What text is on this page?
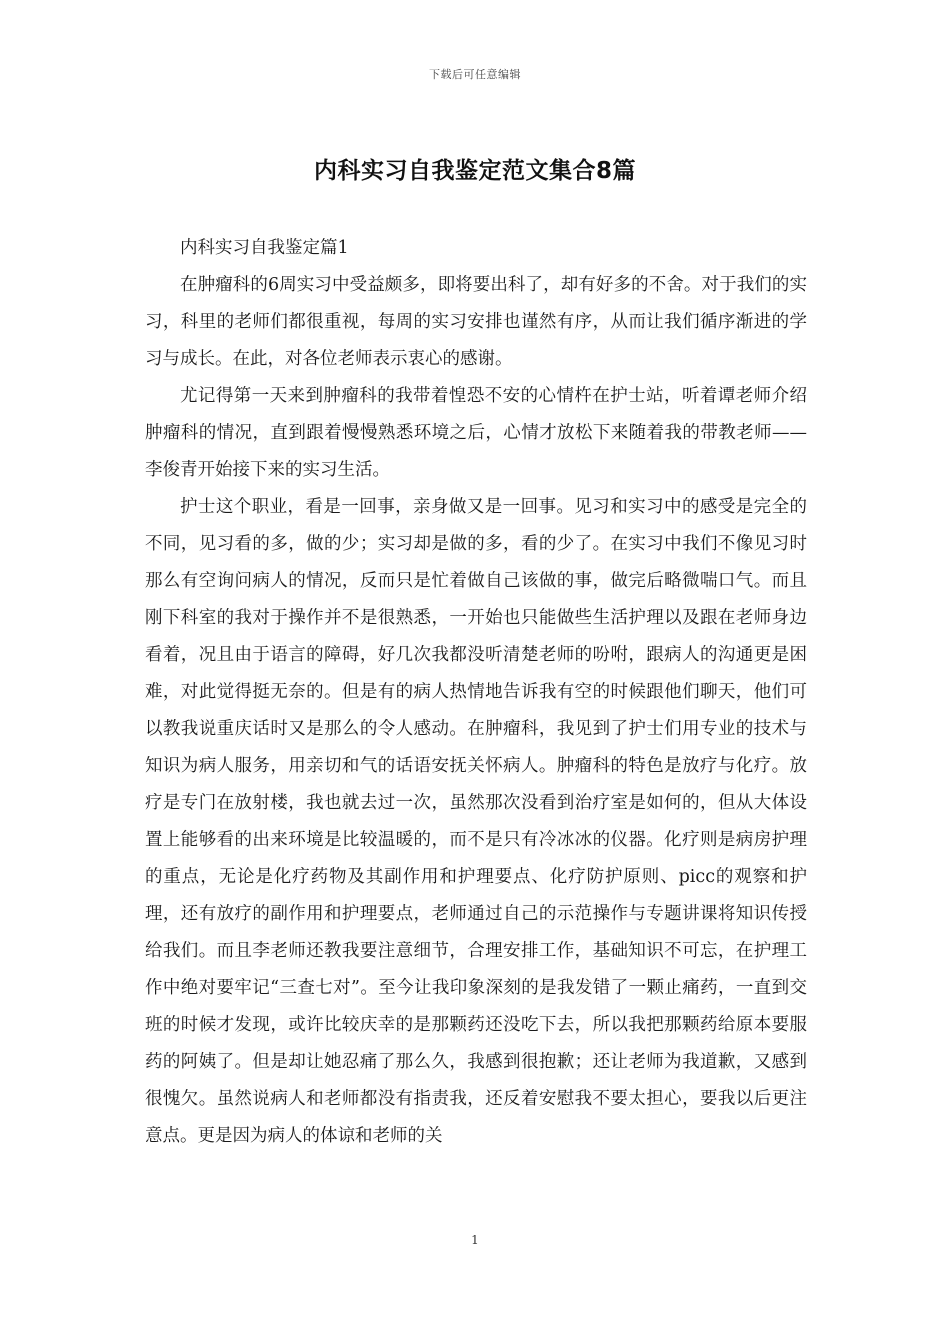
下载后可任意编辑
内科实习自我鉴定范文集合8篇

内科实习自我鉴定篇1

在肿瘤科的6周实习中受益颇多，即将要出科了，却有好多的不舍。对于我们的实习，科里的老师们都很重视，每周的实习安排也谨然有序，从而让我们循序渐进的学习与成长。在此，对各位老师表示衷心的感谢。

尤记得第一天来到肿瘤科的我带着惶恐不安的心情杵在护士站，听着谭老师介绍肿瘤科的情况，直到跟着慢慢熟悉环境之后，心情才放松下来随着我的带教老师——李俊青开始接下来的实习生活。

护士这个职业，看是一回事，亲身做又是一回事。见习和实习中的感受是完全的不同，见习看的多，做的少；实习却是做的多，看的少了。在实习中我们不像见习时那么有空询问病人的情况，反而只是忙着做自己该做的事，做完后略微喘口气。而且刚下科室的我对于操作并不是很熟悉，一开始也只能做些生活护理以及跟在老师身边看着，况且由于语言的障碍，好几次我都没听清楚老师的吩咐，跟病人的沟通更是困难，对此觉得挺无奈的。但是有的病人热情地告诉我有空的时候跟他们聊天，他们可以教我说重庆话时又是那么的令人感动。在肿瘤科，我见到了护士们用专业的技术与知识为病人服务，用亲切和气的话语安抚关怀病人。肿瘤科的特色是放疗与化疗。放疗是专门在放射楼，我也就去过一次，虽然那次没看到治疗室是如何的，但从大体设置上能够看的出来环境是比较温暖的，而不是只有冷冰冰的仪器。化疗则是病房护理的重点，无论是化疗药物及其副作用和护理要点、化疗防护原则、picc的观察和护理，还有放疗的副作用和护理要点，老师通过自己的示范操作与专题讲课将知识传授给我们。而且李老师还教我要注意细节，合理安排工作，基础知识不可忘，在护理工作中绝对要牢记“三查七对”。至今让我印象深刻的是我发错了一颗止痛药，一直到交班的时候才发现，或许比较庆幸的是那颗药还没吃下去，所以我把那颗药给原本要服药的阿姨了。但是却让她忍痛了那么久，我感到很抱歉；还让老师为我道歉，又感到很愧欠。虽然说病人和老师都没有指责我，还反着安慰我不要太担心，要我以后更注意点。更是因为病人的体谅和老师的关

1
